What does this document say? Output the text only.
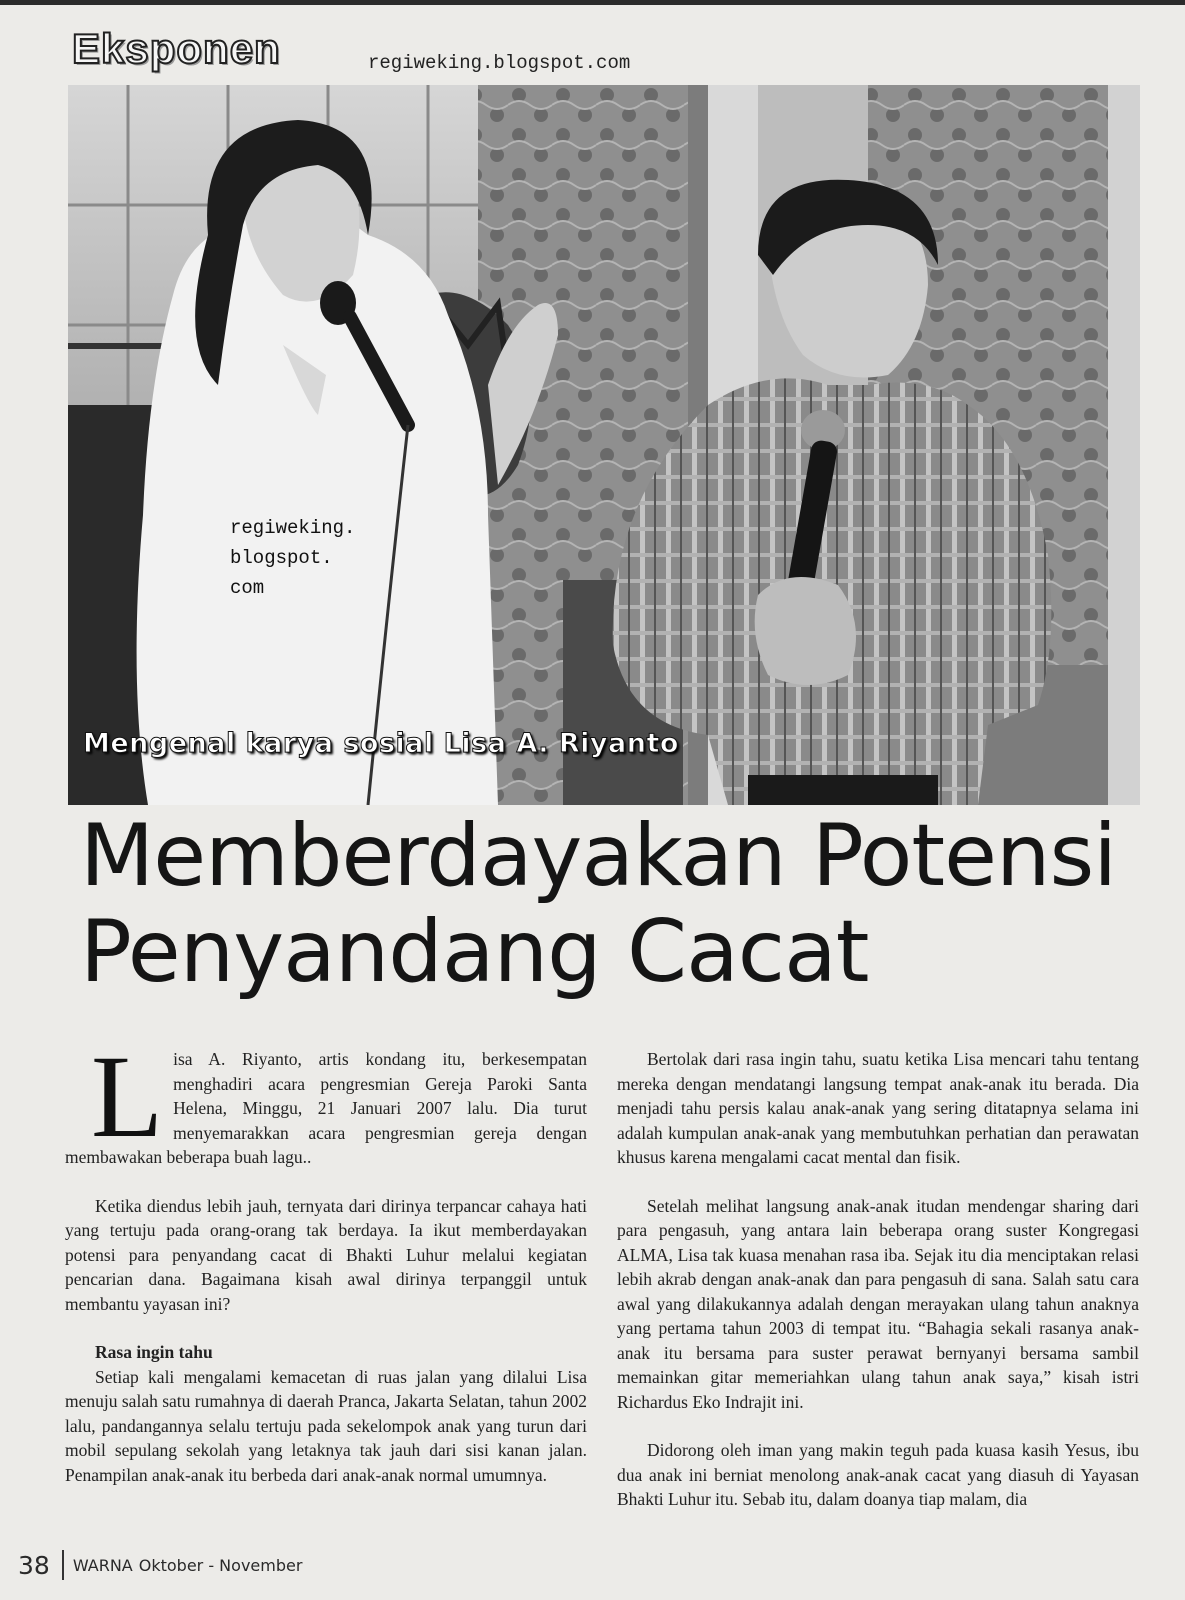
Eksponen	regiweking.blogspot.com
regiweking.
blogspot.
com
Mengenal karya sosial Lisa A. Riyanto
Memberdayakan Potensi
Penyandang Cacat

Lisa A. Riyanto, artis kondang itu, berkesempatan menghadiri acara pengresmian Gereja Paroki Santa Helena, Minggu, 21 Januari 2007 lalu. Dia turut menyemarakkan acara pengresmian gereja dengan membawakan beberapa buah lagu..

Ketika diendus lebih jauh, ternyata dari dirinya terpancar cahaya hati yang tertuju pada orang-orang tak berdaya. Ia ikut memberdayakan potensi para penyandang cacat di Bhakti Luhur melalui kegiatan pencarian dana. Bagaimana kisah awal dirinya terpanggil untuk membantu yayasan ini?

Rasa ingin tahu

Setiap kali mengalami kemacetan di ruas jalan yang dilalui Lisa menuju salah satu rumahnya di daerah Pranca, Jakarta Selatan, tahun 2002 lalu, pandangannya selalu tertuju pada sekelompok anak yang turun dari mobil sepulang sekolah yang letaknya tak jauh dari sisi kanan jalan. Penampilan anak-anak itu berbeda dari anak-anak normal umumnya.

Bertolak dari rasa ingin tahu, suatu ketika Lisa mencari tahu tentang mereka dengan mendatangi langsung tempat anak-anak itu berada. Dia menjadi tahu persis kalau anak-anak yang sering ditatapnya selama ini adalah kumpulan anak-anak yang membutuhkan perhatian dan perawatan khusus karena mengalami cacat mental dan fisik.

Setelah melihat langsung anak-anak itudan mendengar sharing dari para pengasuh, yang antara lain beberapa orang suster Kongregasi ALMA, Lisa tak kuasa menahan rasa iba. Sejak itu dia menciptakan relasi lebih akrab dengan anak-anak dan para pengasuh di sana. Salah satu cara awal yang dilakukannya adalah dengan merayakan ulang tahun anaknya yang pertama tahun 2003 di tempat itu. “Bahagia sekali rasanya anak-anak itu bersama para suster perawat bernyanyi bersama sambil memainkan gitar memeriahkan ulang tahun anak saya,” kisah istri Richardus Eko Indrajit ini.

Didorong oleh iman yang makin teguh pada kuasa kasih Yesus, ibu dua anak ini berniat menolong anak-anak cacat yang diasuh di Yayasan Bhakti Luhur itu. Sebab itu, dalam doanya tiap malam, dia

38 WARNA Oktober - November
